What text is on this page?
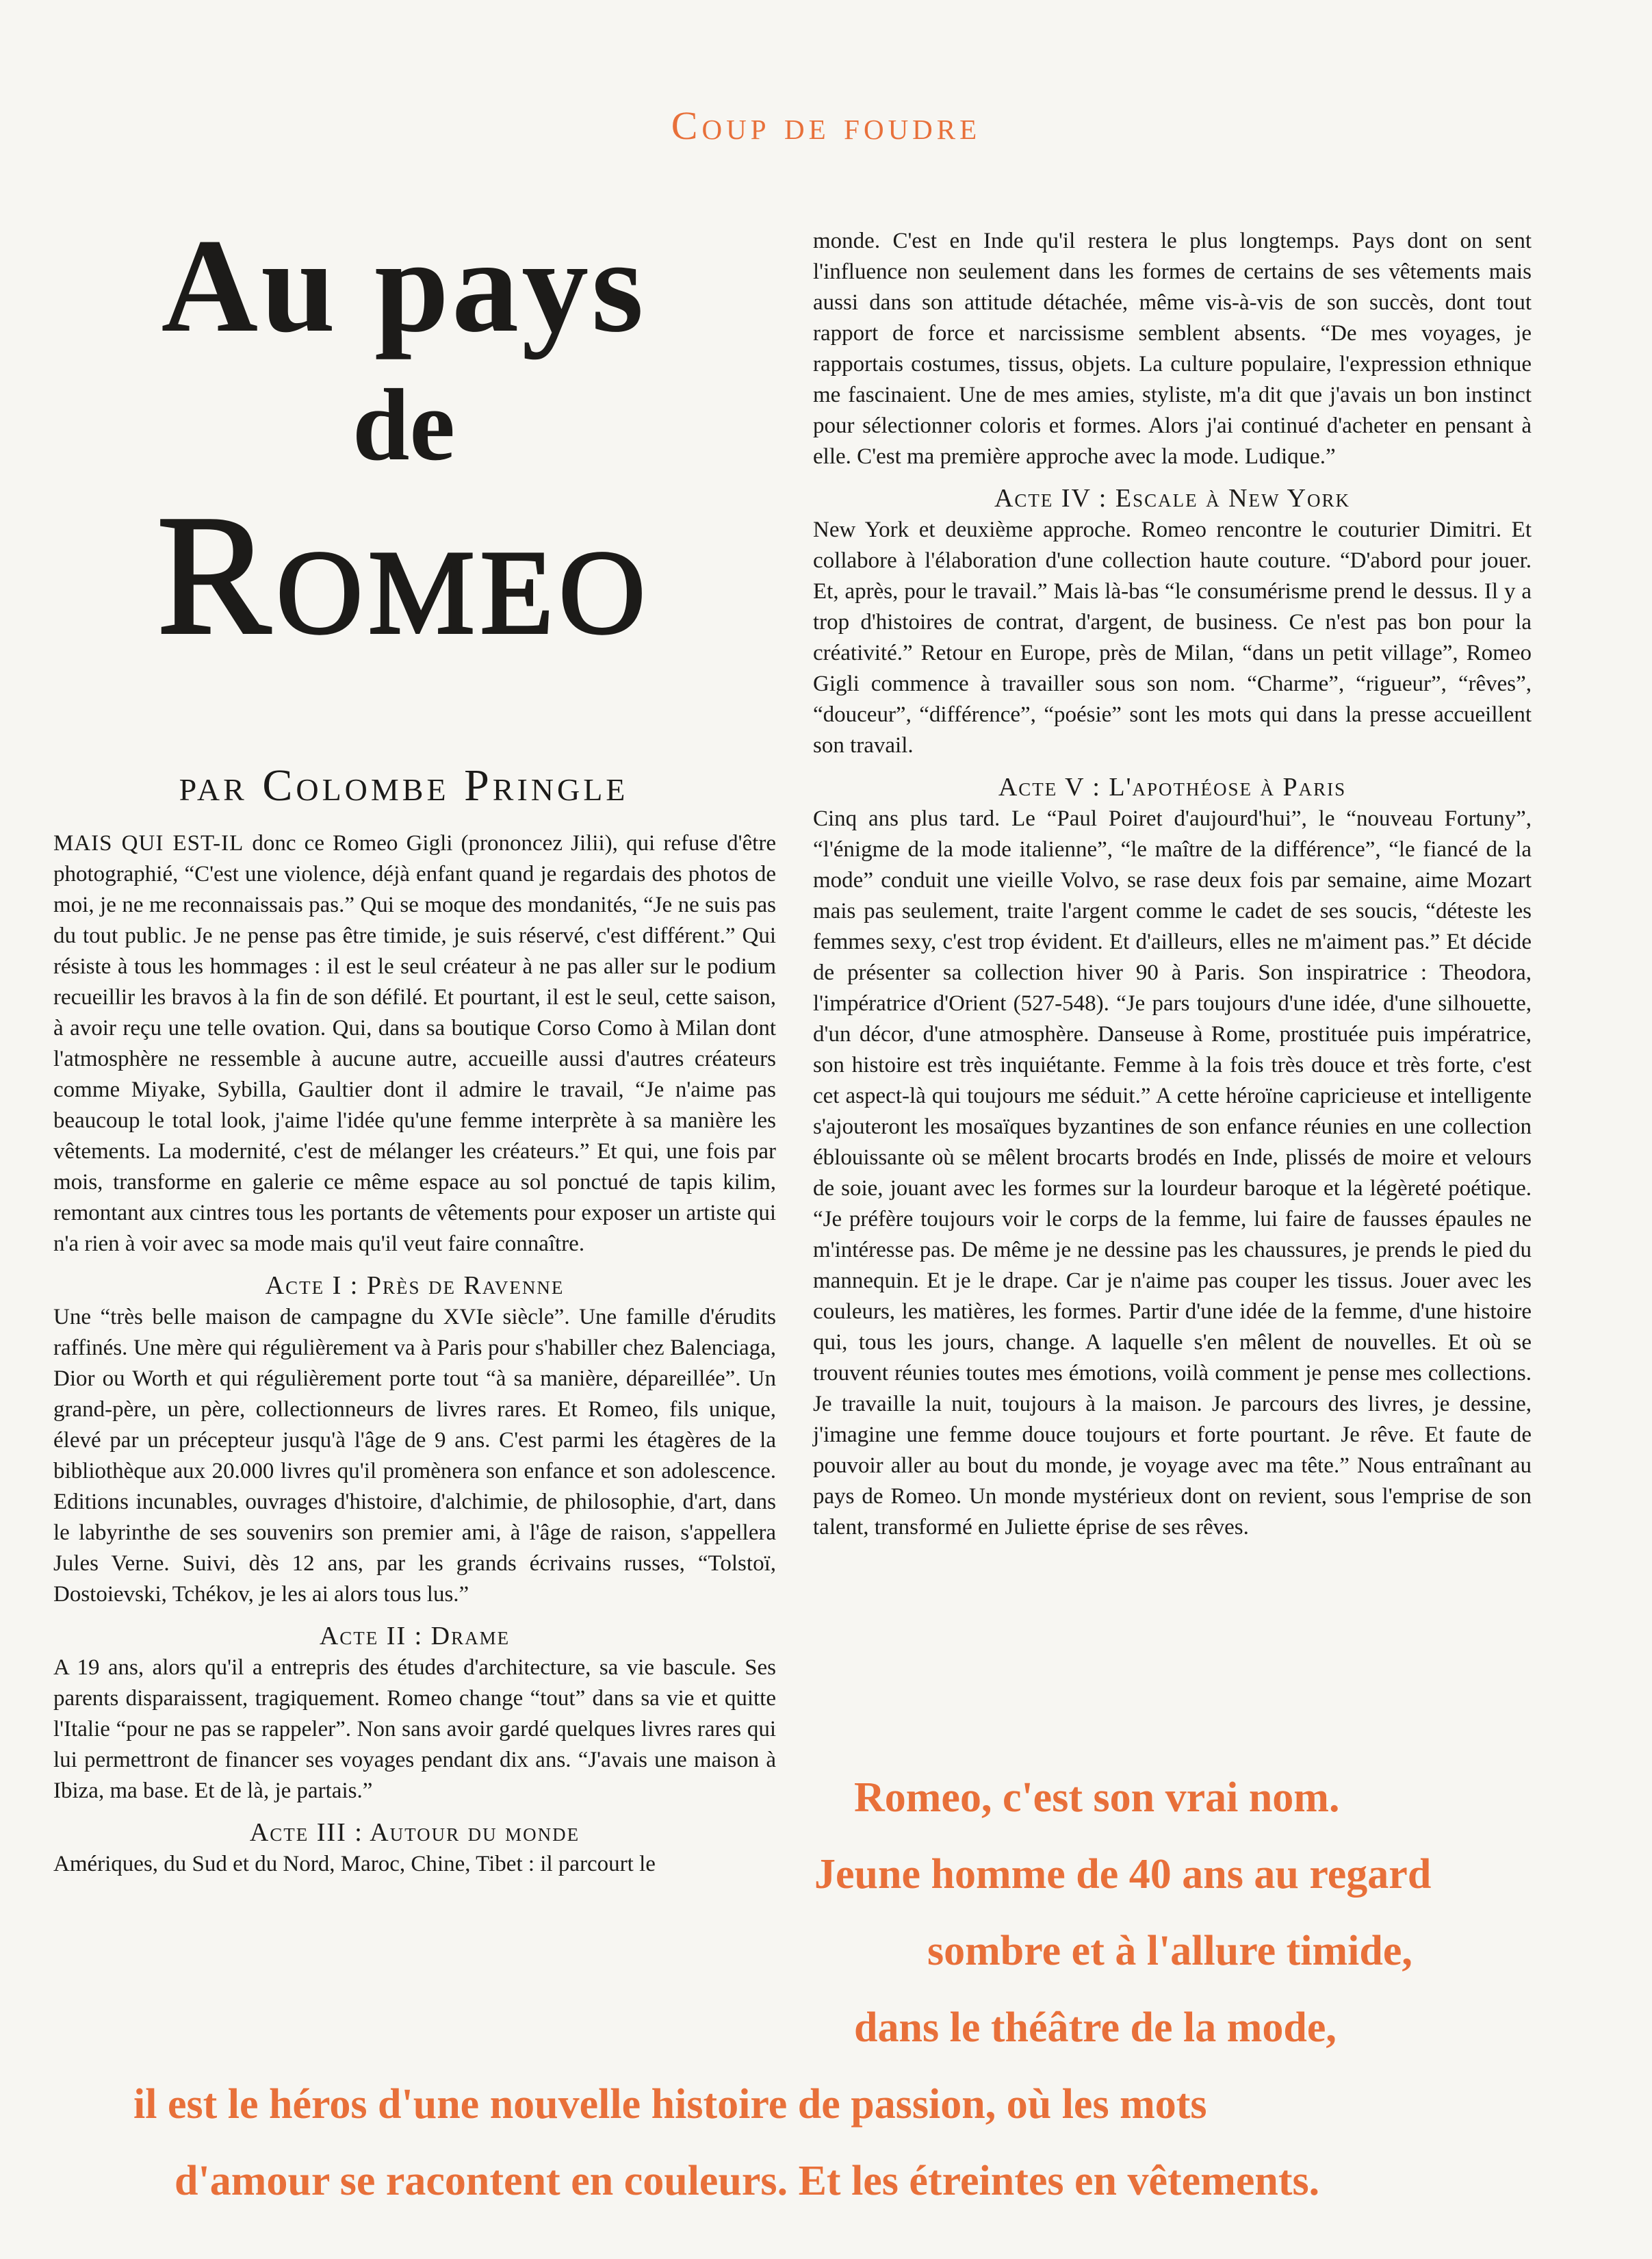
Coup de foudre
Au pays
de
Romeo
par Colombe Pringle

MAIS QUI EST-IL donc ce Romeo Gigli (prononcez Jilii), qui refuse d'être photographié, “C'est une violence, déjà enfant quand je regardais des photos de moi, je ne me reconnaissais pas.” Qui se moque des mondanités, “Je ne suis pas du tout public. Je ne pense pas être timide, je suis réservé, c'est différent.” Qui résiste à tous les hommages : il est le seul créateur à ne pas aller sur le podium recueillir les bravos à la fin de son défilé. Et pourtant, il est le seul, cette saison, à avoir reçu une telle ovation. Qui, dans sa boutique Corso Como à Milan dont l'atmosphère ne ressemble à aucune autre, accueille aussi d'autres créateurs comme Miyake, Sybilla, Gaultier dont il admire le travail, “Je n'aime pas beaucoup le total look, j'aime l'idée qu'une femme interprète à sa manière les vêtements. La modernité, c'est de mélanger les créateurs.” Et qui, une fois par mois, transforme en galerie ce même espace au sol ponctué de tapis kilim, remontant aux cintres tous les portants de vêtements pour exposer un artiste qui n'a rien à voir avec sa mode mais qu'il veut faire connaître.

Acte I : Près de Ravenne

Une “très belle maison de campagne du XVIe siècle”. Une famille d'érudits raffinés. Une mère qui régulièrement va à Paris pour s'habiller chez Balenciaga, Dior ou Worth et qui régulièrement porte tout “à sa manière, dépareillée”. Un grand-père, un père, collectionneurs de livres rares. Et Romeo, fils unique, élevé par un précepteur jusqu'à l'âge de 9 ans. C'est parmi les étagères de la bibliothèque aux 20.000 livres qu'il promènera son enfance et son adolescence. Editions incunables, ouvrages d'histoire, d'alchimie, de philosophie, d'art, dans le labyrinthe de ses souvenirs son premier ami, à l'âge de raison, s'appellera Jules Verne. Suivi, dès 12 ans, par les grands écrivains russes, “Tolstoï, Dostoievski, Tchékov, je les ai alors tous lus.”

Acte II : Drame

A 19 ans, alors qu'il a entrepris des études d'architecture, sa vie bascule. Ses parents disparaissent, tragiquement. Romeo change “tout” dans sa vie et quitte l'Italie “pour ne pas se rappeler”. Non sans avoir gardé quelques livres rares qui lui permettront de financer ses voyages pendant dix ans. “J'avais une maison à Ibiza, ma base. Et de là, je partais.”

Acte III : Autour du monde

Amériques, du Sud et du Nord, Maroc, Chine, Tibet : il parcourt le

monde. C'est en Inde qu'il restera le plus longtemps. Pays dont on sent l'influence non seulement dans les formes de certains de ses vêtements mais aussi dans son attitude détachée, même vis-à-vis de son succès, dont tout rapport de force et narcissisme semblent absents. “De mes voyages, je rapportais costumes, tissus, objets. La culture populaire, l'expression ethnique me fascinaient. Une de mes amies, styliste, m'a dit que j'avais un bon instinct pour sélectionner coloris et formes. Alors j'ai continué d'acheter en pensant à elle. C'est ma première approche avec la mode. Ludique.”

Acte IV : Escale à New York

New York et deuxième approche. Romeo rencontre le couturier Dimitri. Et collabore à l'élaboration d'une collection haute couture. “D'abord pour jouer. Et, après, pour le travail.” Mais là-bas “le consumérisme prend le dessus. Il y a trop d'histoires de contrat, d'argent, de business. Ce n'est pas bon pour la créativité.” Retour en Europe, près de Milan, “dans un petit village”, Romeo Gigli commence à travailler sous son nom. “Charme”, “rigueur”, “rêves”, “douceur”, “différence”, “poésie” sont les mots qui dans la presse accueillent son travail.

Acte V : L'apothéose à Paris

Cinq ans plus tard. Le “Paul Poiret d'aujourd'hui”, le “nouveau Fortuny”, “l'énigme de la mode italienne”, “le maître de la différence”, “le fiancé de la mode” conduit une vieille Volvo, se rase deux fois par semaine, aime Mozart mais pas seulement, traite l'argent comme le cadet de ses soucis, “déteste les femmes sexy, c'est trop évident. Et d'ailleurs, elles ne m'aiment pas.” Et décide de présenter sa collection hiver 90 à Paris. Son inspiratrice : Theodora, l'impératrice d'Orient (527-548). “Je pars toujours d'une idée, d'une silhouette, d'un décor, d'une atmosphère. Danseuse à Rome, prostituée puis impératrice, son histoire est très inquiétante. Femme à la fois très douce et très forte, c'est cet aspect-là qui toujours me séduit.” A cette héroïne capricieuse et intelligente s'ajouteront les mosaïques byzantines de son enfance réunies en une collection éblouissante où se mêlent brocarts brodés en Inde, plissés de moire et velours de soie, jouant avec les formes sur la lourdeur baroque et la légèreté poétique. “Je préfère toujours voir le corps de la femme, lui faire de fausses épaules ne m'intéresse pas. De même je ne dessine pas les chaussures, je prends le pied du mannequin. Et je le drape. Car je n'aime pas couper les tissus. Jouer avec les couleurs, les matières, les formes. Partir d'une idée de la femme, d'une histoire qui, tous les jours, change. A laquelle s'en mêlent de nouvelles. Et où se trouvent réunies toutes mes émotions, voilà comment je pense mes collections. Je travaille la nuit, toujours à la maison. Je parcours des livres, je dessine, j'imagine une femme douce toujours et forte pourtant. Je rêve. Et faute de pouvoir aller au bout du monde, je voyage avec ma tête.” Nous entraînant au pays de Romeo. Un monde mystérieux dont on revient, sous l'emprise de son talent, transformé en Juliette éprise de ses rêves.

Romeo, c'est son vrai nom.
Jeune homme de 40 ans au regard
sombre et à l'allure timide,
dans le théâtre de la mode,
il est le héros d'une nouvelle histoire de passion, où les mots
d'amour se racontent en couleurs. Et les étreintes en vêtements.
